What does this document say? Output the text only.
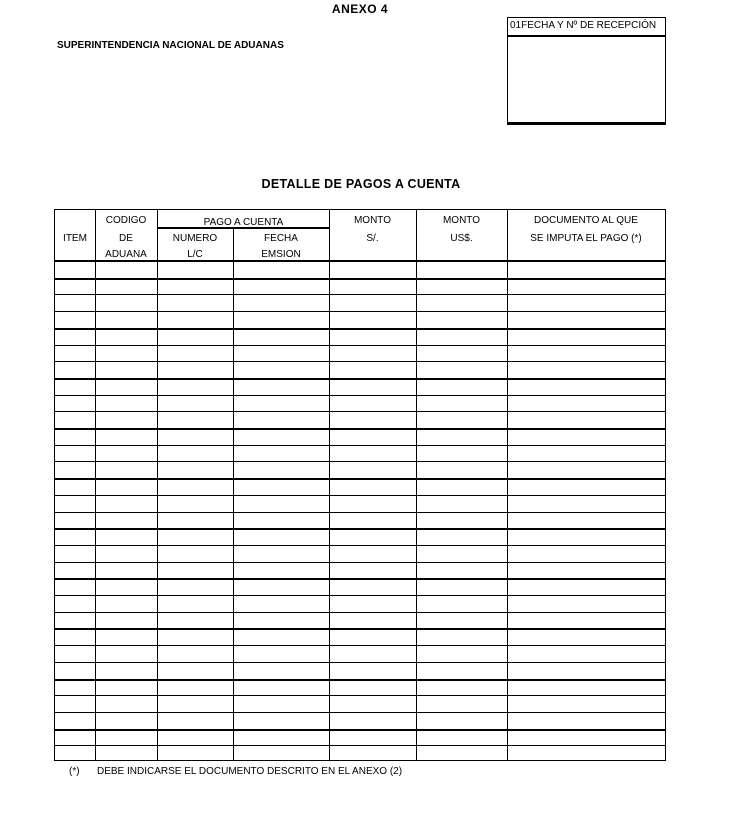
ANEXO 4
SUPERINTENDENCIA NACIONAL DE ADUANAS
01FECHA Y Nº DE RECEPCIÓN
DETALLE DE PAGOS A CUENTA
ITEM
CODIGO
DE
ADUANA
PAGO A CUENTA
NUMERO
L/C
FECHA
EMSION
MONTO
S/.
MONTO
US$.
DOCUMENTO AL QUE
SE IMPUTA EL PAGO (*)
(*) DEBE INDICARSE EL DOCUMENTO DESCRITO EN EL ANEXO (2)
